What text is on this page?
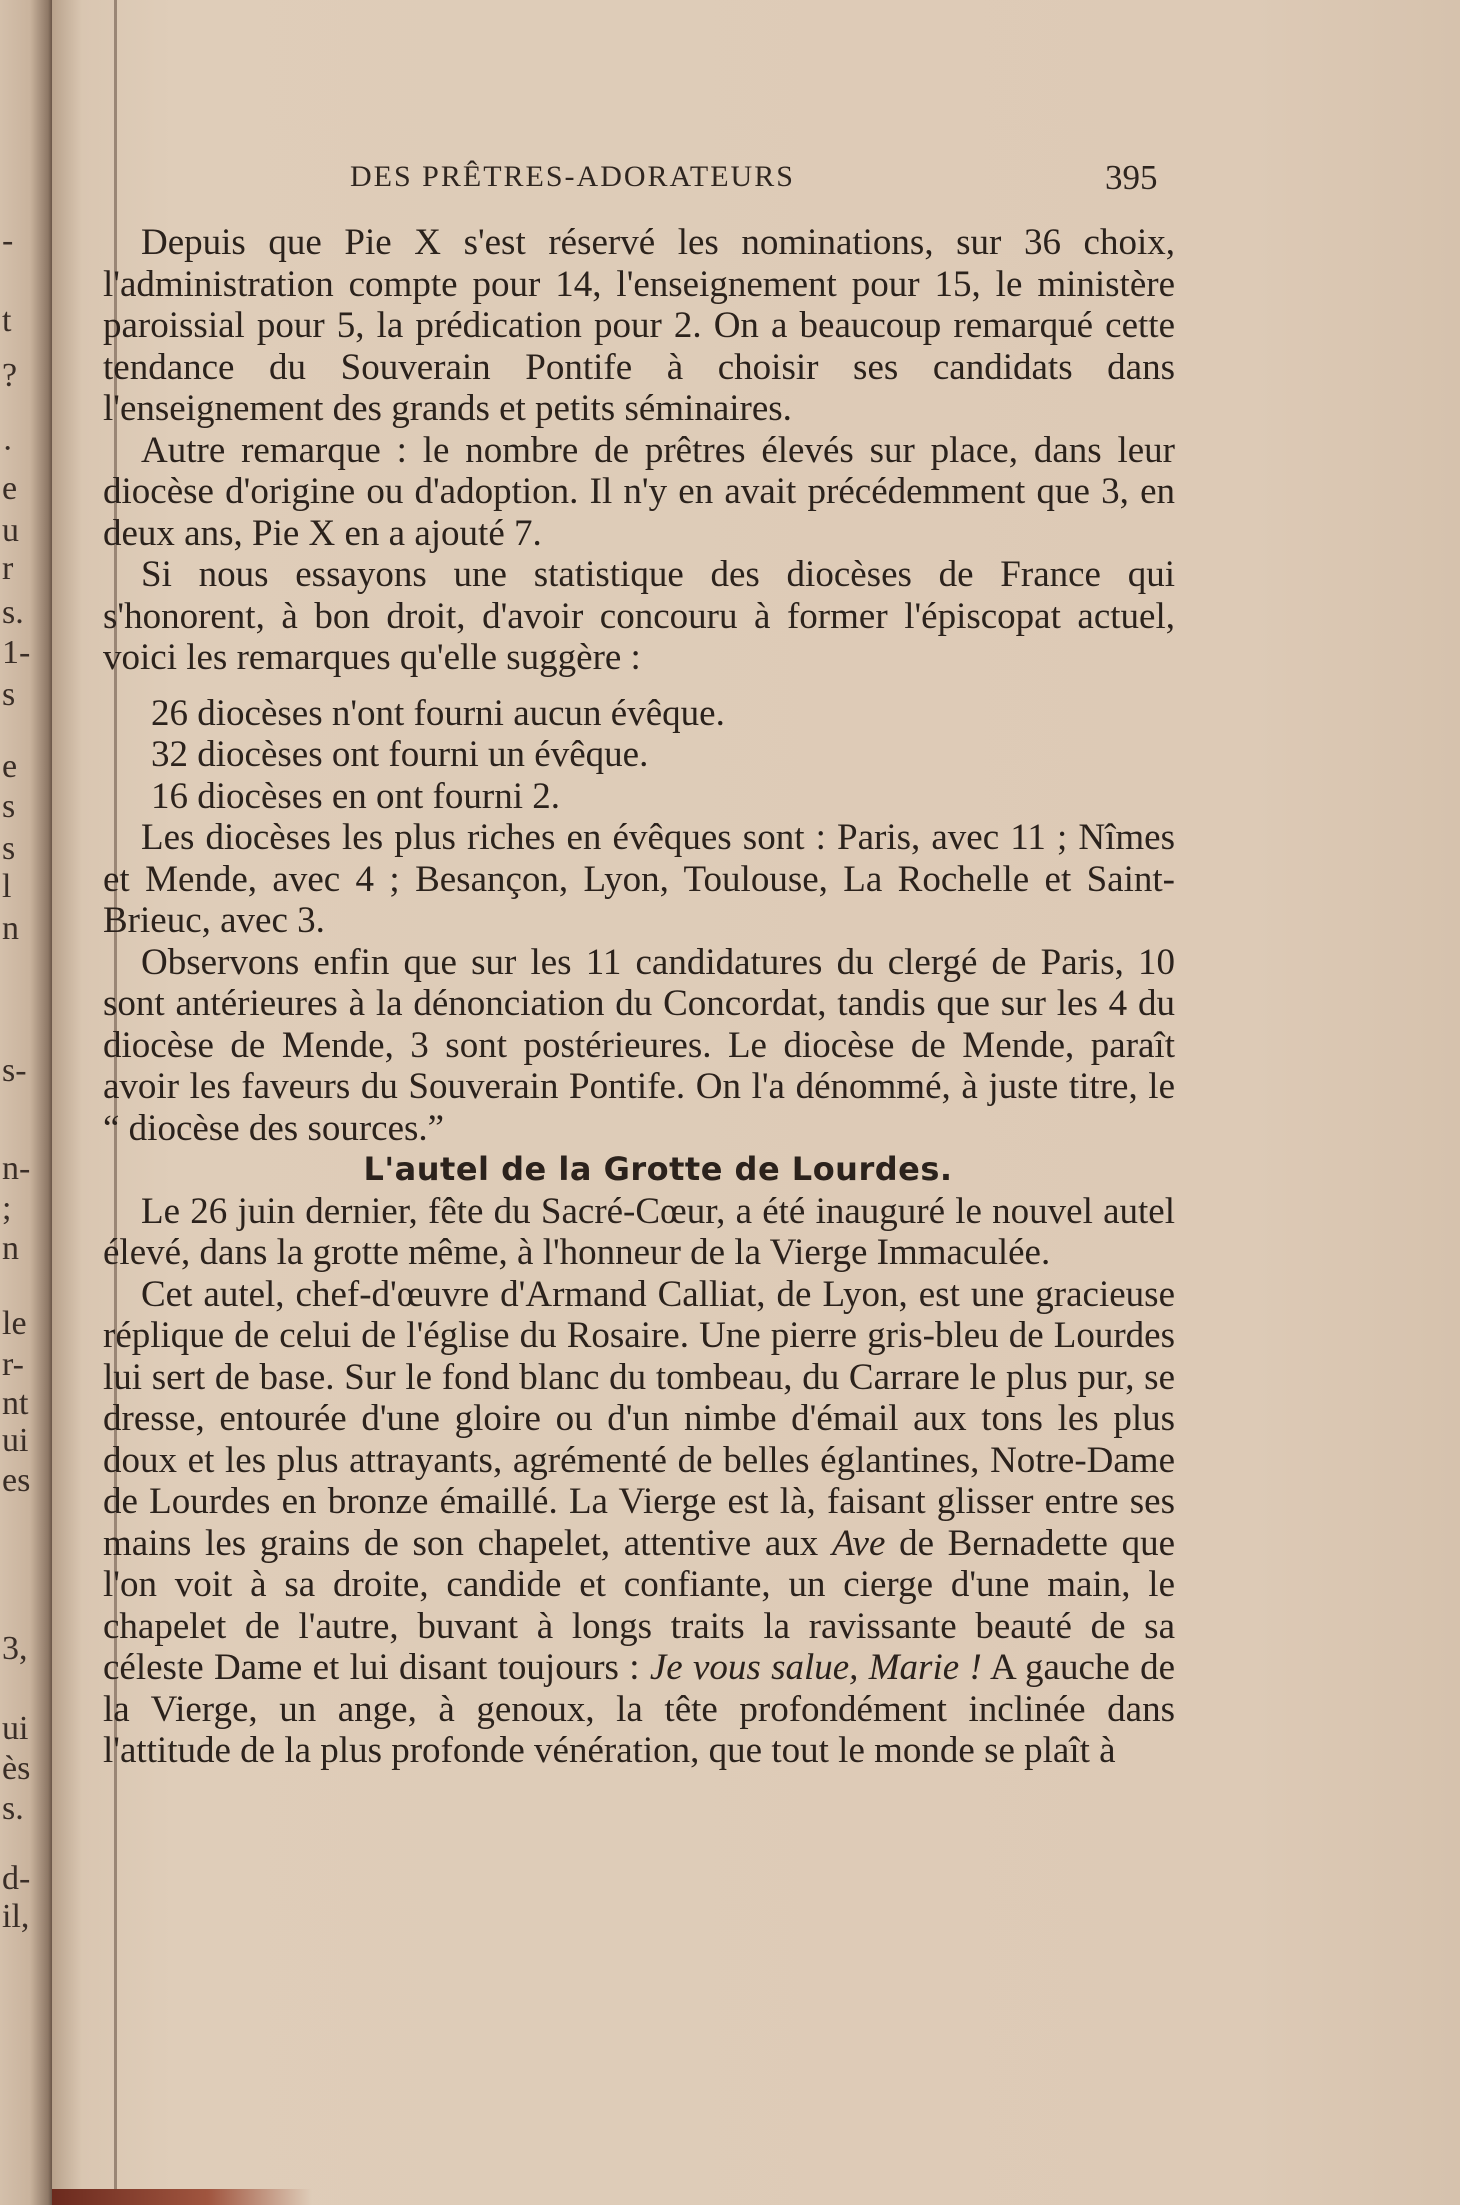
-
t
?
·
e
u
r
s.
1-
s
e
s
s
l
n
s-
n-
;
n
le
r-
nt
ui
es
3,
ui
ès
s.
d-
il,
DES PRÊTRES-ADORATEURS	395

Depuis que Pie X s'est réservé les nominations, sur 36 choix, l'administration compte pour 14, l'enseignement pour 15, le ministère paroissial pour 5, la prédication pour 2. On a beaucoup remarqué cette tendance du Souverain Pontife à choisir ses candidats dans l'enseignement des grands et petits séminaires.

Autre remarque : le nombre de prêtres élevés sur place, dans leur diocèse d'origine ou d'adoption. Il n'y en avait précédemment que 3, en deux ans, Pie X en a ajouté 7.

Si nous essayons une statistique des diocèses de France qui s'honorent, à bon droit, d'avoir concouru à former l'épiscopat actuel, voici les remarques qu'elle suggère :

26 diocèses n'ont fourni aucun évêque.
32 diocèses ont fourni un évêque.
16 diocèses en ont fourni 2.

Les diocèses les plus riches en évêques sont : Paris, avec 11 ; Nîmes et Mende, avec 4 ; Besançon, Lyon, Toulouse, La Rochelle et Saint-Brieuc, avec 3.

Observons enfin que sur les 11 candidatures du clergé de Paris, 10 sont antérieures à la dénonciation du Concordat, tandis que sur les 4 du diocèse de Mende, 3 sont postérieures. Le diocèse de Mende, paraît avoir les faveurs du Souverain Pontife. On l'a dénommé, à juste titre, le “ diocèse des sources.”

L'autel de la Grotte de Lourdes.

Le 26 juin dernier, fête du Sacré-Cœur, a été inauguré le nouvel autel élevé, dans la grotte même, à l'honneur de la Vierge Immaculée.

Cet autel, chef-d'œuvre d'Armand Calliat, de Lyon, est une gracieuse réplique de celui de l'église du Rosaire. Une pierre gris-bleu de Lourdes lui sert de base. Sur le fond blanc du tombeau, du Carrare le plus pur, se dresse, entourée d'une gloire ou d'un nimbe d'émail aux tons les plus doux et les plus attrayants, agrémenté de belles églantines, Notre-Dame de Lourdes en bronze émaillé. La Vierge est là, faisant glisser entre ses mains les grains de son chapelet, attentive aux Ave de Bernadette que l'on voit à sa droite, candide et confiante, un cierge d'une main, le chapelet de l'autre, buvant à longs traits la ravissante beauté de sa céleste Dame et lui disant toujours : Je vous salue, Marie ! A gauche de la Vierge, un ange, à genoux, la tête profondément inclinée dans l'attitude de la plus profonde vénération, que tout le monde se plaît à
